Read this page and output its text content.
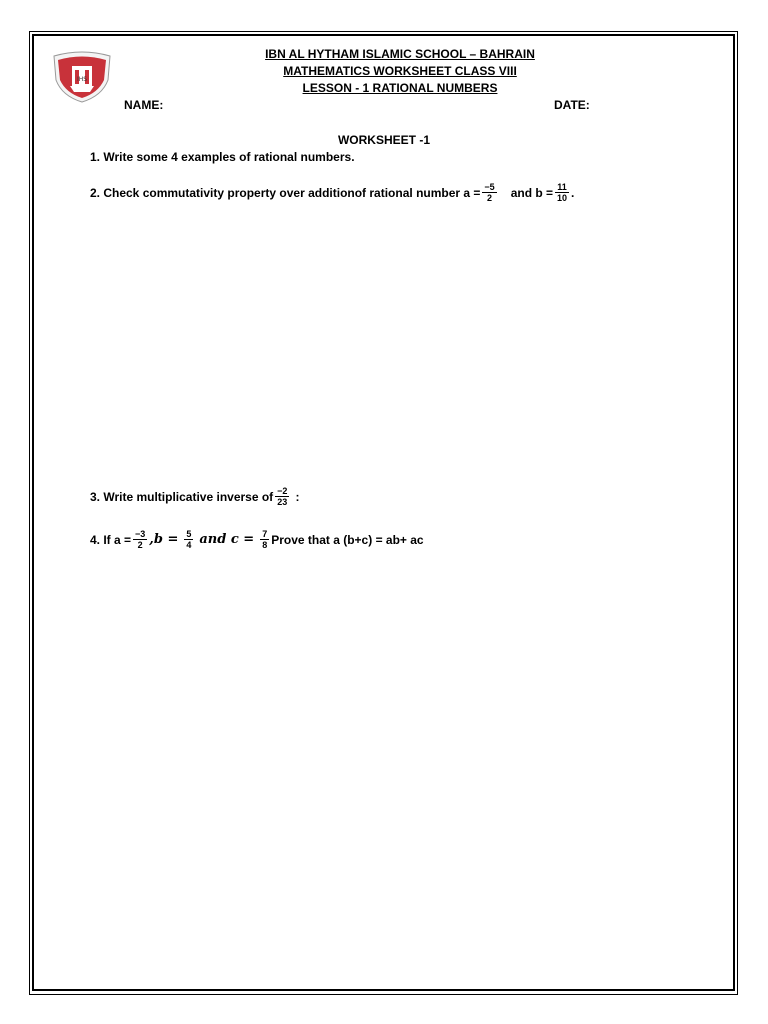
IHS
IBN AL HYTHAM ISLAMIC SCHOOL – BAHRAIN
MATHEMATICS WORKSHEET CLASS VIII
LESSON - 1 RATIONAL NUMBERS
NAME:	DATE:
WORKSHEET -1
1. Write some 4 examples of rational numbers.
2. Check commutativity property over additionof rational number $a = \frac{-5}{2}$ and $b = \frac{11}{10}$ .
3. Write multiplicative inverse of $\frac{-2}{23}$ :
4. If $a = \frac{-3}{2}$ , $b = \frac{5}{4}$ and $c = \frac{7}{8}$ Prove that a (b+c) = ab+ ac
